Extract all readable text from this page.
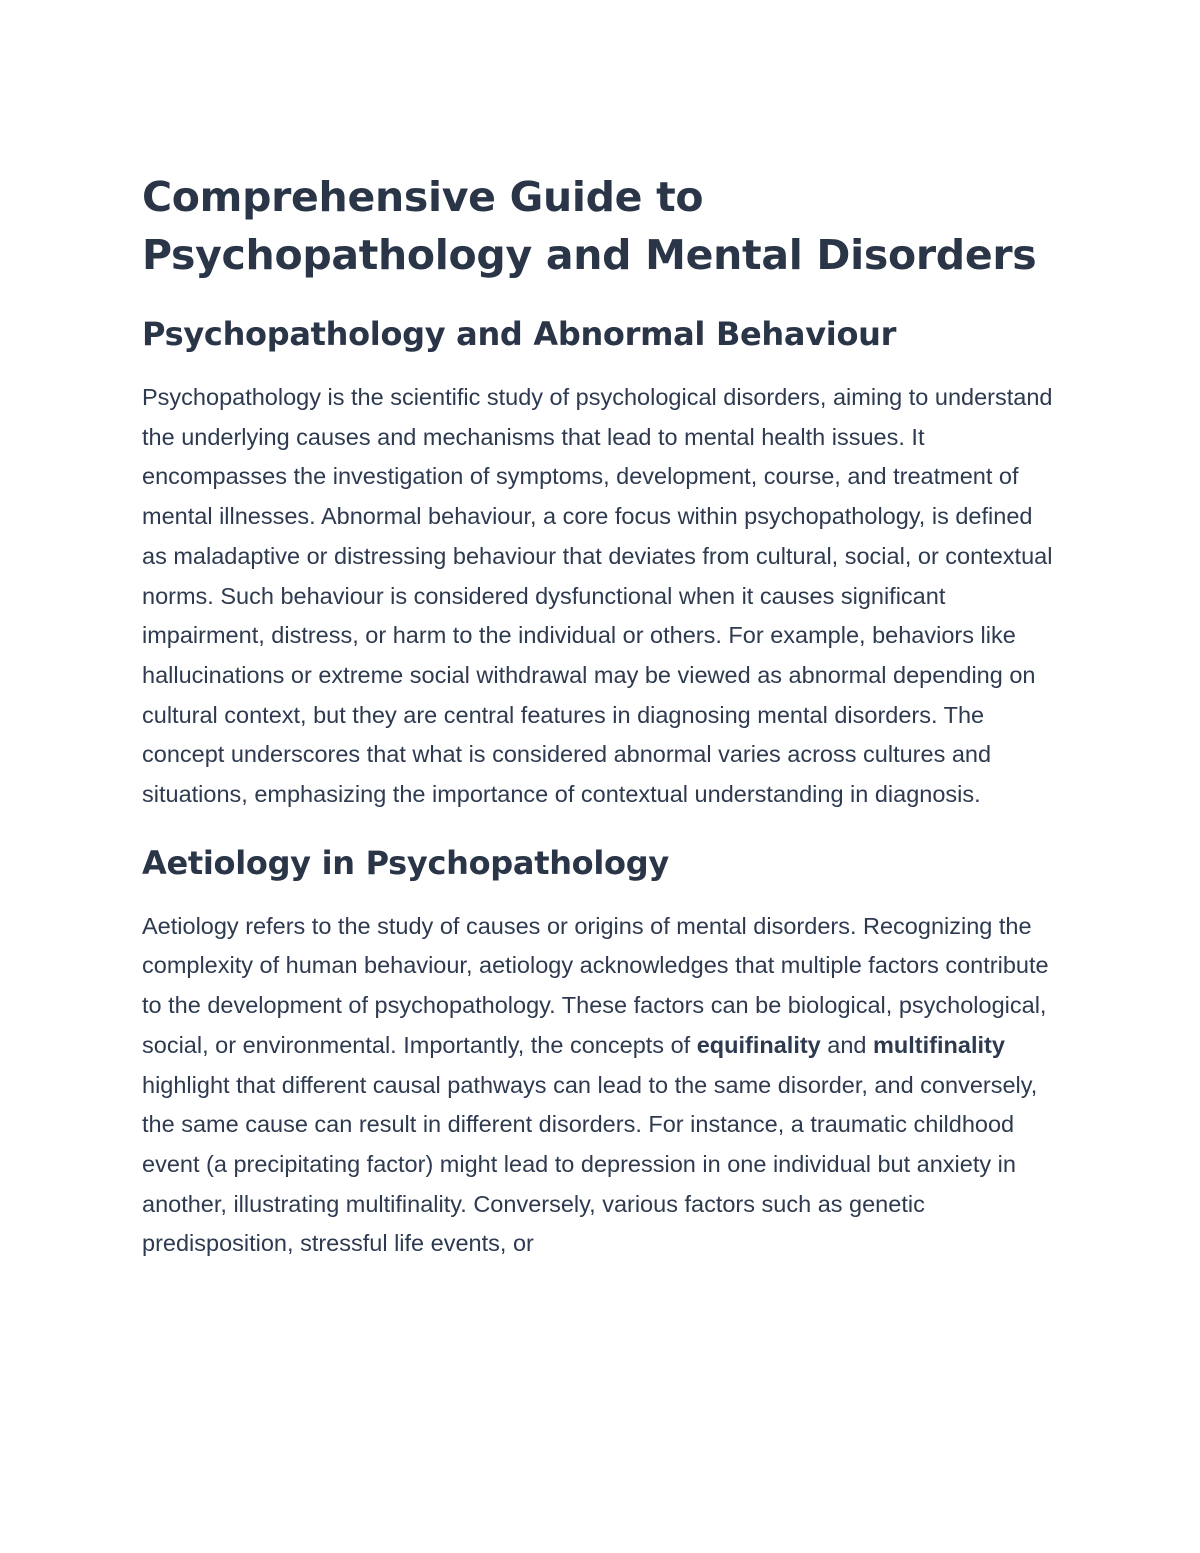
Comprehensive Guide to Psychopathology and Mental Disorders
Psychopathology and Abnormal Behaviour

Psychopathology is the scientific study of psychological disorders, aiming to understand the underlying causes and mechanisms that lead to mental health issues. It encompasses the investigation of symptoms, development, course, and treatment of mental illnesses. Abnormal behaviour, a core focus within psychopathology, is defined as maladaptive or distressing behaviour that deviates from cultural, social, or contextual norms. Such behaviour is considered dysfunctional when it causes significant impairment, distress, or harm to the individual or others. For example, behaviors like hallucinations or extreme social withdrawal may be viewed as abnormal depending on cultural context, but they are central features in diagnosing mental disorders. The concept underscores that what is considered abnormal varies across cultures and situations, emphasizing the importance of contextual understanding in diagnosis.

Aetiology in Psychopathology

Aetiology refers to the study of causes or origins of mental disorders. Recognizing the complexity of human behaviour, aetiology acknowledges that multiple factors contribute to the development of psychopathology. These factors can be biological, psychological, social, or environmental. Importantly, the concepts of equifinality and multifinality highlight that different causal pathways can lead to the same disorder, and conversely, the same cause can result in different disorders. For instance, a traumatic childhood event (a precipitating factor) might lead to depression in one individual but anxiety in another, illustrating multifinality. Conversely, various factors such as genetic predisposition, stressful life events, or
